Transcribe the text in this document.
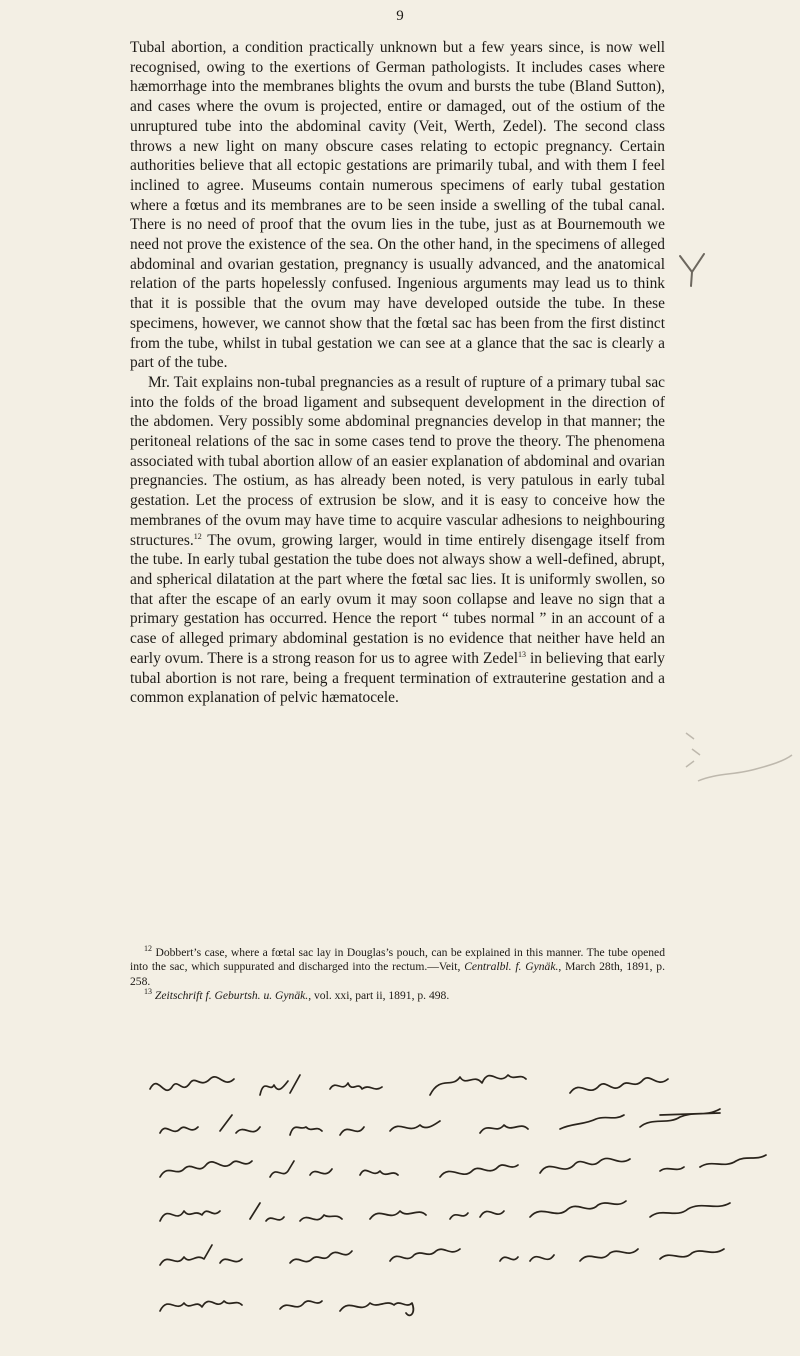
9

Tubal abortion, a condition practically unknown but a few years since, is now well recognised, owing to the exertions of German pathologists. It includes cases where hæmorrhage into the membranes blights the ovum and bursts the tube (Bland Sutton), and cases where the ovum is projected, entire or damaged, out of the ostium of the unruptured tube into the abdominal cavity (Veit, Werth, Zedel). The second class throws a new light on many obscure cases relating to ectopic pregnancy. Certain authorities believe that all ectopic gestations are primarily tubal, and with them I feel inclined to agree. Museums contain numerous specimens of early tubal gestation where a fœtus and its membranes are to be seen inside a swelling of the tubal canal. There is no need of proof that the ovum lies in the tube, just as at Bournemouth we need not prove the existence of the sea. On the other hand, in the specimens of alleged abdominal and ovarian gestation, pregnancy is usually advanced, and the anatomical relation of the parts hopelessly confused. Ingenious arguments may lead us to think that it is possible that the ovum may have developed outside the tube. In these specimens, however, we cannot show that the fœtal sac has been from the first distinct from the tube, whilst in tubal gestation we can see at a glance that the sac is clearly a part of the tube.

Mr. Tait explains non-tubal pregnancies as a result of rupture of a primary tubal sac into the folds of the broad ligament and subsequent development in the direction of the abdomen. Very possibly some abdominal pregnancies develop in that manner; the peritoneal relations of the sac in some cases tend to prove the theory. The phenomena associated with tubal abortion allow of an easier explanation of abdominal and ovarian pregnancies. The ostium, as has already been noted, is very patulous in early tubal gestation. Let the process of extrusion be slow, and it is easy to conceive how the membranes of the ovum may have time to acquire vascular adhesions to neighbouring structures.$^{12}$ The ovum, growing larger, would in time entirely disengage itself from the tube. In early tubal gestation the tube does not always show a well-defined, abrupt, and spherical dilatation at the part where the fœtal sac lies. It is uniformly swollen, so that after the escape of an early ovum it may soon collapse and leave no sign that a primary gestation has occurred. Hence the report “ tubes normal ” in an account of a case of alleged primary abdominal gestation is no evidence that neither have held an early ovum. There is a strong reason for us to agree with Zedel$^{13}$ in believing that early tubal abortion is not rare, being a frequent termination of extrauterine gestation and a common explanation of pelvic hæmatocele.

$^{12}$ Dobbert’s case, where a fœtal sac lay in Douglas’s pouch, can be explained in this manner. The tube opened into the sac, which suppurated and discharged into the rectum.—Veit, Centralbl. f. Gynäk., March 28th, 1891, p. 258.

$^{13}$ Zeitschrift f. Geburtsh. u. Gynäk., vol. xxi, part ii, 1891, p. 498.
